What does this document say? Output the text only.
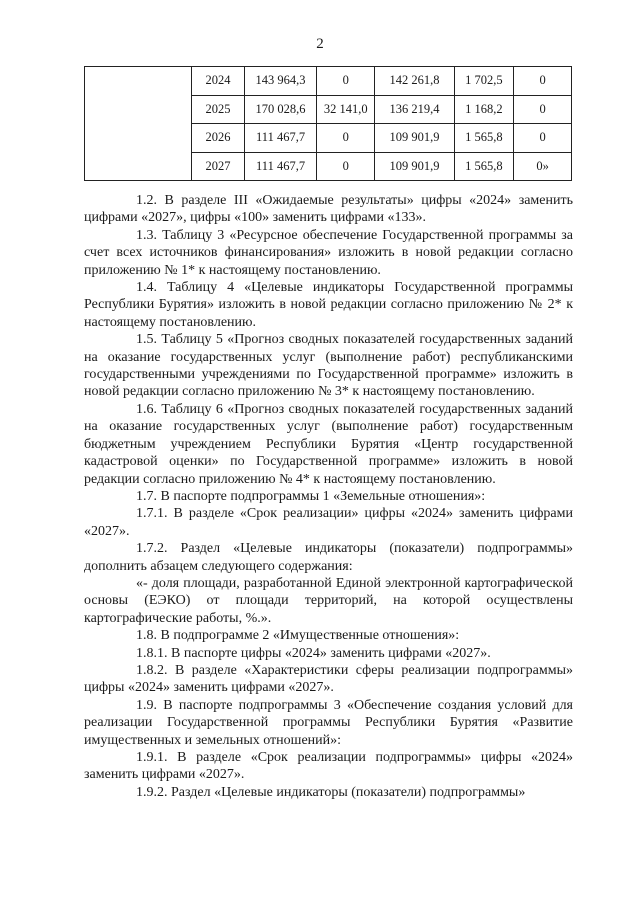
2
	2024	143 964,3	0	142 261,8	1 702,5	0
	2025	170 028,6	32 141,0	136 219,4	1 168,2	0
	2026	111 467,7	0	109 901,9	1 565,8	0
	2027	111 467,7	0	109 901,9	1 565,8	0»

1.2. В разделе III «Ожидаемые результаты» цифры «2024» заменить цифрами «2027», цифры «100» заменить цифрами «133».

1.3. Таблицу 3 «Ресурсное обеспечение Государственной программы за счет всех источников финансирования» изложить в новой редакции согласно приложению № 1* к настоящему постановлению.

1.4. Таблицу 4 «Целевые индикаторы Государственной программы Республики Бурятия» изложить в новой редакции согласно приложению № 2* к настоящему постановлению.

1.5. Таблицу 5 «Прогноз сводных показателей государственных заданий на оказание государственных услуг (выполнение работ) республиканскими государственными учреждениями по Государственной программе» изложить в новой редакции согласно приложению № 3* к настоящему постановлению.

1.6. Таблицу 6 «Прогноз сводных показателей государственных заданий на оказание государственных услуг (выполнение работ) государственным бюджетным учреждением Республики Бурятия «Центр государственной кадастровой оценки» по Государственной программе» изложить в новой редакции согласно приложению № 4* к настоящему постановлению.

1.7. В паспорте подпрограммы 1 «Земельные отношения»:

1.7.1. В разделе «Срок реализации» цифры «2024» заменить цифрами «2027».

1.7.2. Раздел «Целевые индикаторы (показатели) подпрограммы» дополнить абзацем следующего содержания:

«- доля площади, разработанной Единой электронной картографической основы (ЕЭКО) от площади территорий, на которой осуществлены картографические работы, %.».

1.8. В подпрограмме 2 «Имущественные отношения»:

1.8.1. В паспорте цифры «2024» заменить цифрами «2027».

1.8.2. В разделе «Характеристики сферы реализации подпрограммы» цифры «2024» заменить цифрами «2027».

1.9. В паспорте подпрограммы 3 «Обеспечение создания условий для реализации Государственной программы Республики Бурятия «Развитие имущественных и земельных отношений»:

1.9.1. В разделе «Срок реализации подпрограммы» цифры «2024» заменить цифрами «2027».

1.9.2. Раздел «Целевые индикаторы (показатели) подпрограммы»
